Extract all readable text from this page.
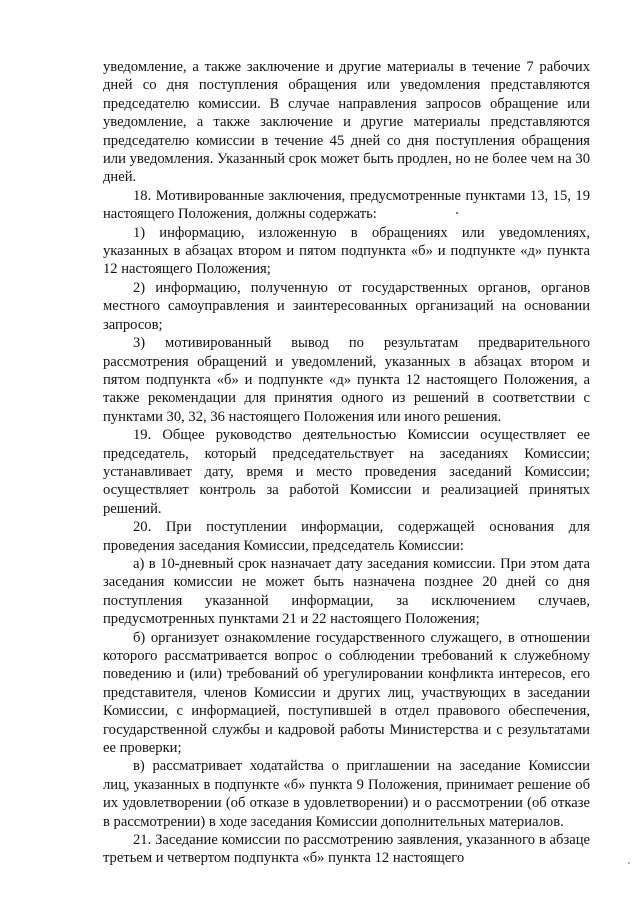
уведомление, а также заключение и другие материалы в течение 7 рабочих дней со дня поступления обращения или уведомления представляются председателю комиссии. В случае направления запросов обращение или уведомление, а также заключение и другие материалы представляются председателю комиссии в течение 45 дней со дня поступления обращения или уведомления. Указанный срок может быть продлен, но не более чем на 30 дней.

18. Мотивированные заключения, предусмотренные пунктами 13, 15, 19 настоящего Положения, должны содержать:

1) информацию, изложенную в обращениях или уведомлениях, указанных в абзацах втором и пятом подпункта «б» и подпункте «д» пункта 12 настоящего Положения;

2) информацию, полученную от государственных органов, органов местного самоуправления и заинтересованных организаций на основании запросов;

3) мотивированный вывод по результатам предварительного рассмотрения обращений и уведомлений, указанных в абзацах втором и пятом подпункта «б» и подпункте «д» пункта 12 настоящего Положения, а также рекомендации для принятия одного из решений в соответствии с пунктами 30, 32, 36 настоящего Положения или иного решения.

19. Общее руководство деятельностью Комиссии осуществляет ее председатель, который председательствует на заседаниях Комиссии; устанавливает дату, время и место проведения заседаний Комиссии; осуществляет контроль за работой Комиссии и реализацией принятых решений.

20. При поступлении информации, содержащей основания для проведения заседания Комиссии, председатель Комиссии:

а) в 10-дневный срок назначает дату заседания комиссии. При этом дата заседания комиссии не может быть назначена позднее 20 дней со дня поступления указанной информации, за исключением случаев, предусмотренных пунктами 21 и 22 настоящего Положения;

б) организует ознакомление государственного служащего, в отношении которого рассматривается вопрос о соблюдении требований к служебному поведению и (или) требований об урегулировании конфликта интересов, его представителя, членов Комиссии и других лиц, участвующих в заседании Комиссии, с информацией, поступившей в отдел правового обеспечения, государственной службы и кадровой работы Министерства и с результатами ее проверки;

в) рассматривает ходатайства о приглашении на заседание Комиссии лиц, указанных в подпункте «б» пункта 9 Положения, принимает решение об их удовлетворении (об отказе в удовлетворении) и о рассмотрении (об отказе в рассмотрении) в ходе заседания Комиссии дополнительных материалов.

21. Заседание комиссии по рассмотрению заявления, указанного в абзаце третьем и четвертом подпункта «б» пункта 12 настоящего
